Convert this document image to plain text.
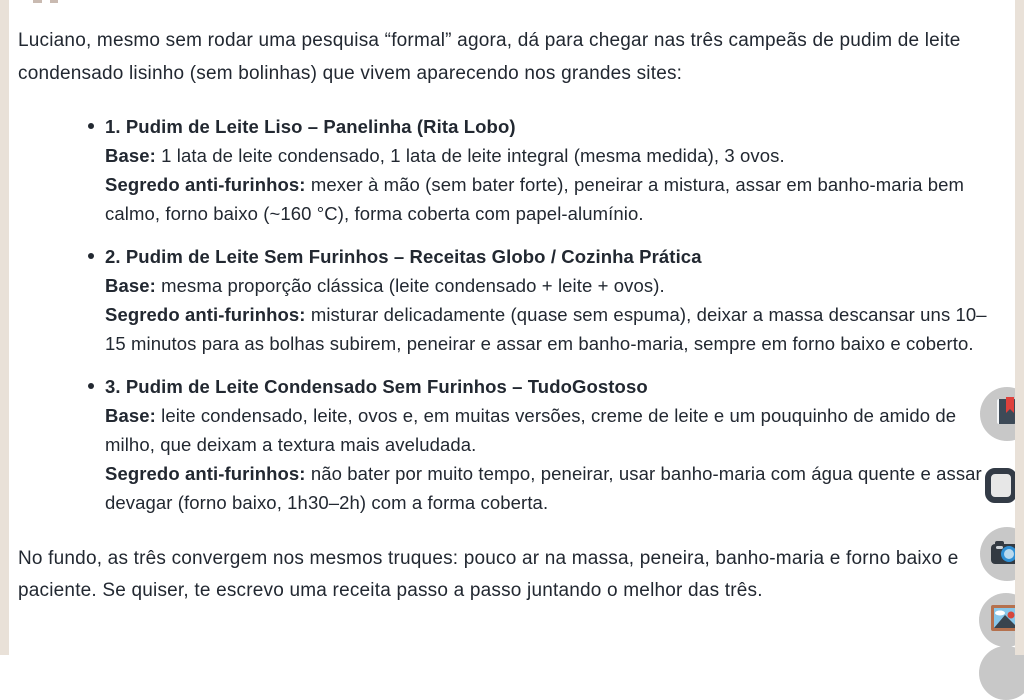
Luciano, mesmo sem rodar uma pesquisa “formal” agora, dá para chegar nas três campeãs de pudim de leite condensado lisinho (sem bolinhas) que vivem aparecendo nos grandes sites:

1. Pudim de Leite Liso – Panelinha (Rita Lobo)
Base: 1 lata de leite condensado, 1 lata de leite integral (mesma medida), 3 ovos.
Segredo anti-furinhos: mexer à mão (sem bater forte), peneirar a mistura, assar em banho-maria bem calmo, forno baixo (~160 °C), forma coberta com papel-alumínio.
2. Pudim de Leite Sem Furinhos – Receitas Globo / Cozinha Prática
Base: mesma proporção clássica (leite condensado + leite + ovos).
Segredo anti-furinhos: misturar delicadamente (quase sem espuma), deixar a massa descansar uns 10–15 minutos para as bolhas subirem, peneirar e assar em banho-maria, sempre em forno baixo e coberto.
3. Pudim de Leite Condensado Sem Furinhos – TudoGostoso
Base: leite condensado, leite, ovos e, em muitas versões, creme de leite e um pouquinho de amido de milho, que deixam a textura mais aveludada.
Segredo anti-furinhos: não bater por muito tempo, peneirar, usar banho-maria com água quente e assar devagar (forno baixo, 1h30–2h) com a forma coberta.

No fundo, as três convergem nos mesmos truques: pouco ar na massa, peneira, banho-maria e forno baixo e paciente. Se quiser, te escrevo uma receita passo a passo juntando o melhor das três.
